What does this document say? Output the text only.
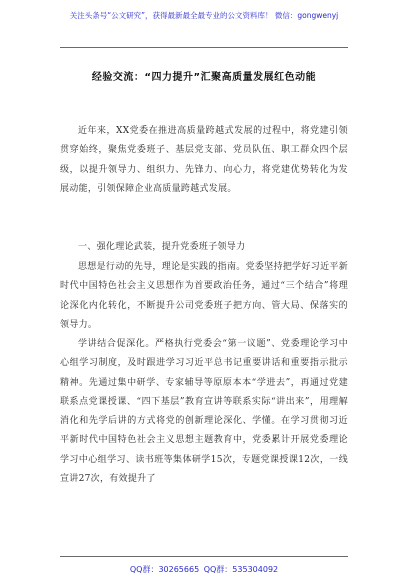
关注头条号“公文研究”，获得最新最全最专业的公文资料库！ 微信：gongwenyj
经验交流：“四力提升”汇聚高质量发展红色动能
近年来，XX党委在推进高质量跨越式发展的过程中，将党建引领贯穿始终，聚焦党委班子、基层党支部、党员队伍、职工群众四个层级，以提升领导力、组织力、先锋力、向心力，将党建优势转化为发展动能，引领保障企业高质量跨越式发展。
一、强化理论武装，提升党委班子领导力
思想是行动的先导，理论是实践的指南。党委坚持把学好习近平新时代中国特色社会主义思想作为首要政治任务，通过“三个结合”将理论深化内化转化，不断提升公司党委班子把方向、管大局、保落实的领导力。
学讲结合促深化。严格执行党委会“第一议题”、党委理论学习中心组学习制度，及时跟进学习习近平总书记重要讲话和重要指示批示精神。先通过集中研学、专家辅导等原原本本“学进去”，再通过党建联系点党课授课、“四下基层”教育宣讲等联系实际“讲出来”，用理解消化和先学后讲的方式将党的创新理论深化、学懂。在学习贯彻习近平新时代中国特色社会主义思想主题教育中，党委累计开展党委理论学习中心组学习、读书班等集体研学15次，专题党课授课12次，一线宣讲27次，有效提升了
QQ群：30265665 QQ群：535304092
